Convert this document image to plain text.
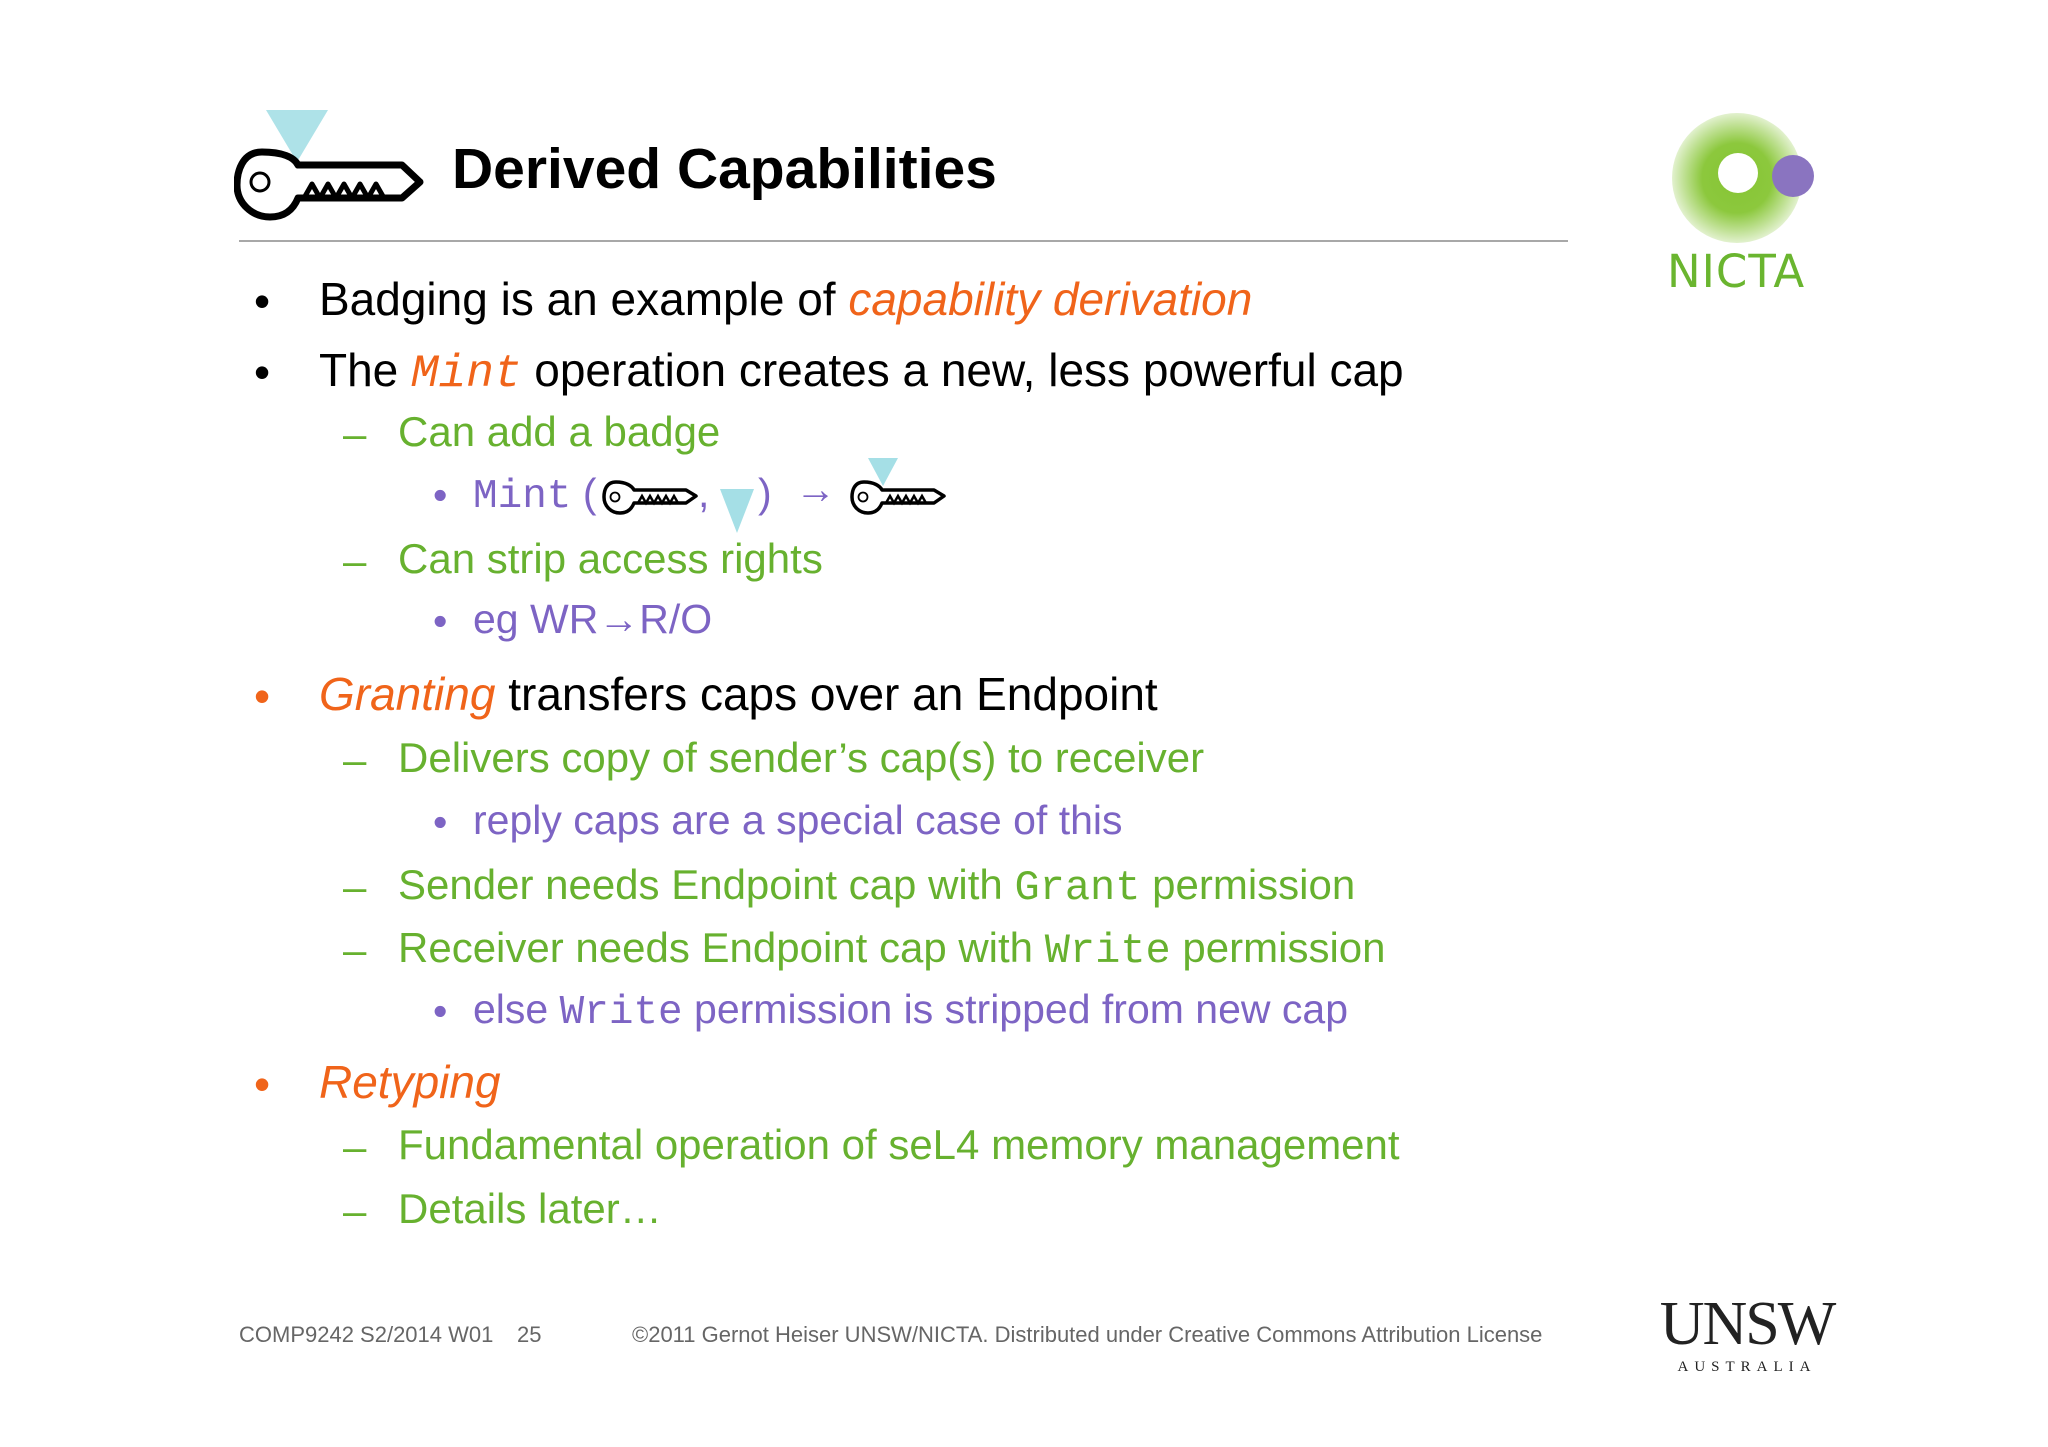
Derived Capabilities
NICTA
• Badging is an example of capability derivation
• The Mint operation creates a new, less powerful cap
– Can add a badge
• Mint ( , ) →
– Can strip access rights
• eg WR→R/O
• Granting transfers caps over an Endpoint
– Delivers copy of sender’s cap(s) to receiver
• reply caps are a special case of this
– Sender needs Endpoint cap with Grant permission
– Receiver needs Endpoint cap with Write permission
• else Write permission is stripped from new cap
• Retyping
– Fundamental operation of seL4 memory management
– Details later…
COMP9242 S2/2014 W01 25	©2011 Gernot Heiser UNSW/NICTA. Distributed under Creative Commons Attribution License UNSW
AUSTRALIA
